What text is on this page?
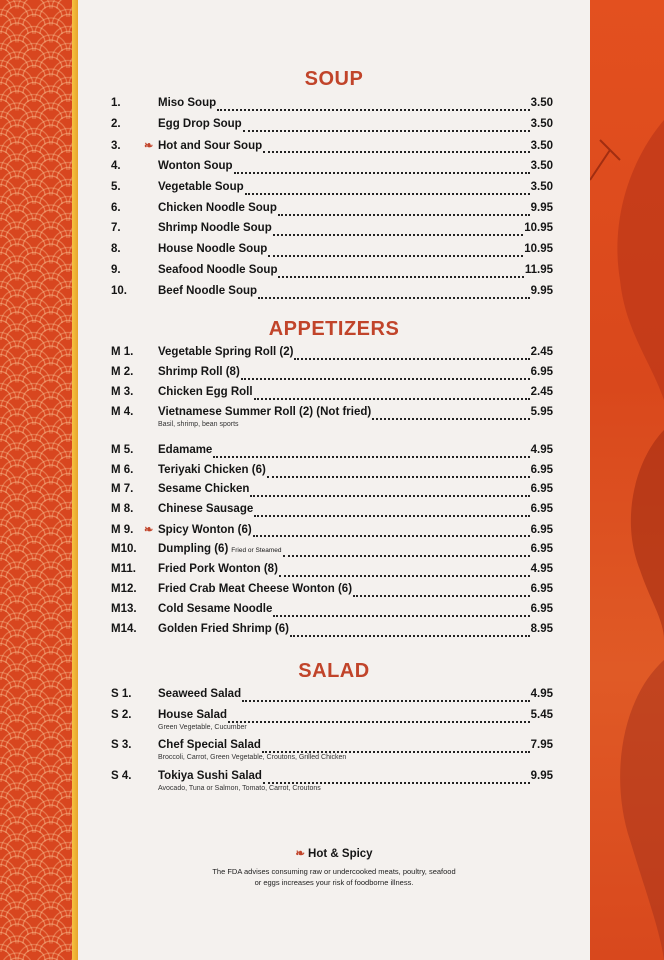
SOUP
1.	Miso Soup	3.50
2.	Egg Drop Soup	3.50
3.	❧ Hot and Sour Soup	3.50
4.	Wonton Soup	3.50
5.	Vegetable Soup	3.50
6.	Chicken Noodle Soup	9.95
7.	Shrimp Noodle Soup	10.95
8.	House Noodle Soup	10.95
9.	Seafood Noodle Soup	11.95
10.	Beef Noodle Soup	9.95
APPETIZERS
M 1.	Vegetable Spring Roll (2)	2.45
M 2.	Shrimp Roll (8)	6.95
M 3.	Chicken Egg Roll	2.45
M 4.	Vietnamese Summer Roll (2) (Not fried)	5.95
Basil, shrimp, bean sports
M 5.	Edamame	4.95
M 6.	Teriyaki Chicken (6)	6.95
M 7.	Sesame Chicken	6.95
M 8.	Chinese Sausage	6.95
M 9. ❧ Spicy Wonton (6)	6.95
M10.	Dumpling (6) Fried or Steamed	6.95
M11.	Fried Pork Wonton (8)	4.95
M12.	Fried Crab Meat Cheese Wonton (6)	6.95
M13.	Cold Sesame Noodle	6.95
M14.	Golden Fried Shrimp (6)	8.95
SALAD
S 1.	Seaweed Salad	4.95
S 2.	House Salad	5.45
Green Vegetable, Cucumber
S 3.	Chef Special Salad	7.95
Broccoli, Carrot, Green Vegetable, Croutons, Grilled Chicken
S 4.	Tokiya Sushi Salad	9.95
Avocado, Tuna or Salmon, Tomato, Carrot, Croutons
❧ Hot & Spicy
The FDA advises consuming raw or undercooked meats, poultry, seafood or eggs increases your risk of foodborne illness.
